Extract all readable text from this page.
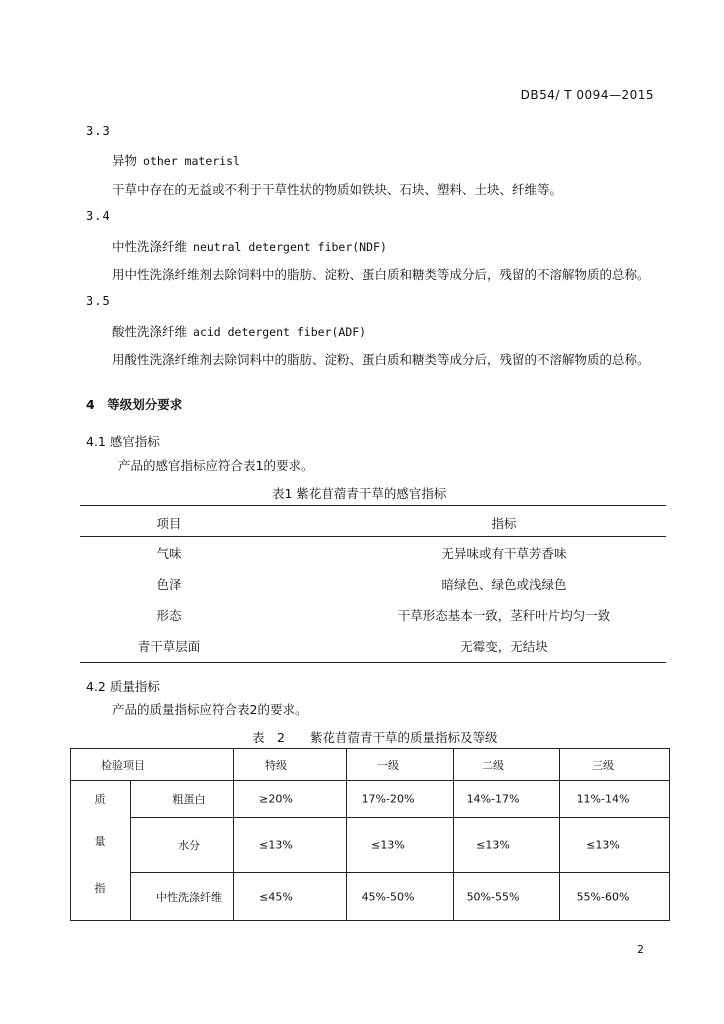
DB54/ T 0094—2015
3.3
异物 other materisl
干草中存在的无益或不利于干草性状的物质如铁块、石块、塑料、土块、纤维等。
3.4
中性洗涤纤维 neutral detergent fiber(NDF)
用中性洗涤纤维剂去除饲料中的脂肪、淀粉、蛋白质和糖类等成分后，残留的不溶解物质的总称。
3.5
酸性洗涤纤维 acid detergent fiber(ADF)
用酸性洗涤纤维剂去除饲料中的脂肪、淀粉、蛋白质和糖类等成分后，残留的不溶解物质的总称。
4　等级划分要求
4.1 感官指标
产品的感官指标应符合表1的要求。
表1 紫花苜蓿青干草的感官指标
项目	指标
气味	无异味或有干草芳香味
色泽	暗绿色、绿色或浅绿色
形态	干草形态基本一致，茎秆叶片均匀一致
青干草层面	无霉变，无结块
4.2 质量指标
产品的质量指标应符合表2的要求。
表　2　　紫花苜蓿青干草的质量指标及等级
检验项目	特级	一级	二级	三级
质
量
指
粗蛋白	≥20%	17%-20%	14%-17%	11%-14%
水分	≤13%	≤13%	≤13%	≤13%
中性洗涤纤维	≤45%	45%-50%	50%-55%	55%-60%
2
